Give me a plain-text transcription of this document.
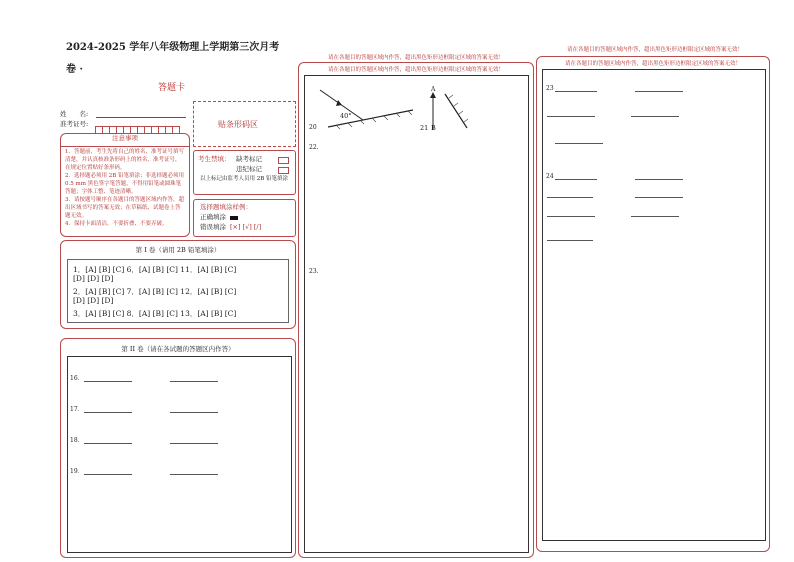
2024-2025 学年八年级物理上学期第三次月考
卷 ·
答题卡
姓　　名:
准考证号:	贴条形码区
注意事项
1．答题前，考生先将自己的姓名，准考证号填写清楚，并认真核准条形码上的姓名、准考证号，在规定位置贴好条形码。
2．选择题必须用 2B 铅笔填涂；非选择题必须用 0.5 mm 黑色签字笔答题，不得用铅笔或圆珠笔答题；字体工整、笔迹清晰。
3．请按题号顺序在各题目的答题区域内作答，超出区域书写的答案无效；在草稿纸、试题卷上答题无效。
4．保持卡面清洁，不要折叠、不要弄破。
考生禁填： 缺考标记
违纪标记
以上标记由监考人员用 2B 铅笔填涂
选择题填涂样例：
正确填涂
错误填涂 [×] [√] [/]
第 I 卷（请用 2B 铅笔填涂）
1．[A] [B] [C] 6．[A] [B] [C] 11．[A] [B] [C]
[D] [D] [D]
2．[A] [B] [C] 7．[A] [B] [C] 12．[A] [B] [C]
[D] [D] [D]
3．[A] [B] [C] 8．[A] [B] [C] 13．[A] [B] [C]
第 II 卷（请在各试题的答题区内作答）
16．
17．
18．
19．
请在各题目的答题区域内作答，超出黑色矩形边框限定区域的答案无效！
请在各题目的答题区域内作答，超出黑色矩形边框限定区域的答案无效！
40°
20
A
21 B
22.
23.
请在各题目的答题区域内作答，超出黑色矩形边框限定区域的答案无效！
请在各题目的答题区域内作答，超出黑色矩形边框限定区域的答案无效！
23
24
